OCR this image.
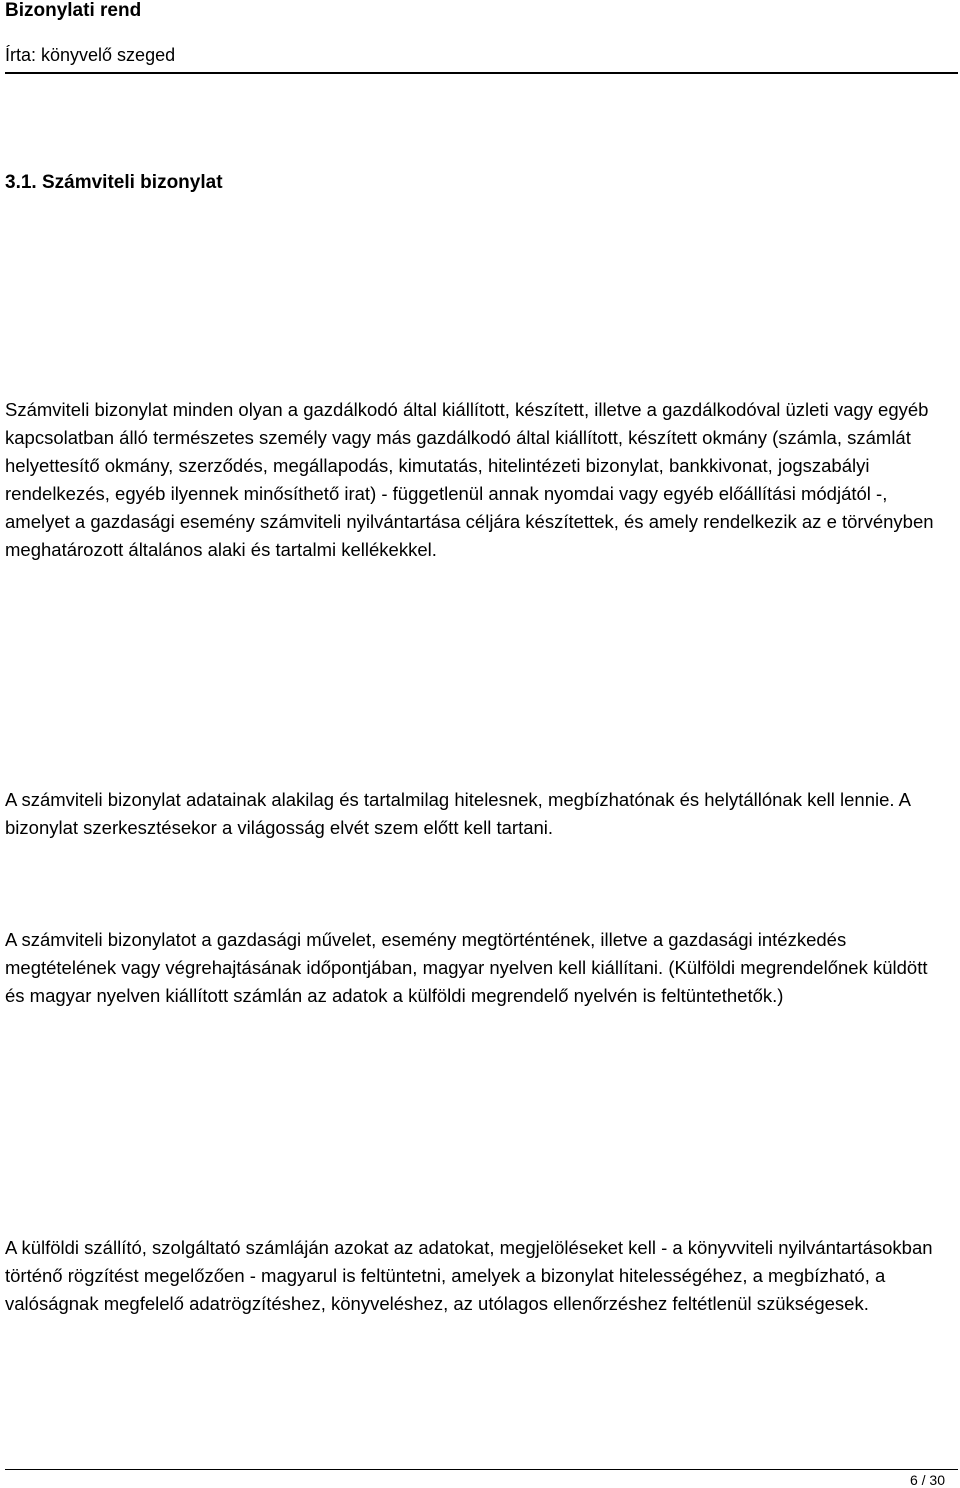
Bizonylati rend

Írta: könyvelő szeged

3.1. Számviteli bizonylat

Számviteli bizonylat minden olyan a gazdálkodó által kiállított, készített, illetve a gazdálkodóval üzleti vagy egyéb kapcsolatban álló természetes személy vagy más gazdálkodó által kiállított, készített okmány (számla, számlát helyettesítő okmány, szerződés, megállapodás, kimutatás, hitelintézeti bizonylat, bankkivonat, jogszabályi rendelkezés, egyéb ilyennek minősíthető irat) - függetlenül annak nyomdai vagy egyéb előállítási módjától -, amelyet a gazdasági esemény számviteli nyilvántartása céljára készítettek, és amely rendelkezik az e törvényben meghatározott általános alaki és tartalmi kellékekkel.

A számviteli bizonylat adatainak alakilag és tartalmilag hitelesnek, megbízhatónak és helytállónak kell lennie. A bizonylat szerkesztésekor a világosság elvét szem előtt kell tartani.

A számviteli bizonylatot a gazdasági művelet, esemény megtörténtének, illetve a gazdasági intézkedés megtételének vagy végrehajtásának időpontjában, magyar nyelven kell kiállítani. (Külföldi megrendelőnek küldött és magyar nyelven kiállított számlán az adatok a külföldi megrendelő nyelvén is feltüntethetők.)

A külföldi szállító, szolgáltató számláján azokat az adatokat, megjelöléseket kell - a könyvviteli nyilvántartásokban történő rögzítést megelőzően - magyarul is feltüntetni, amelyek a bizonylat hitelességéhez, a megbízható, a valóságnak megfelelő adatrögzítéshez, könyveléshez, az utólagos ellenőrzéshez feltétlenül szükségesek.

6 / 30
